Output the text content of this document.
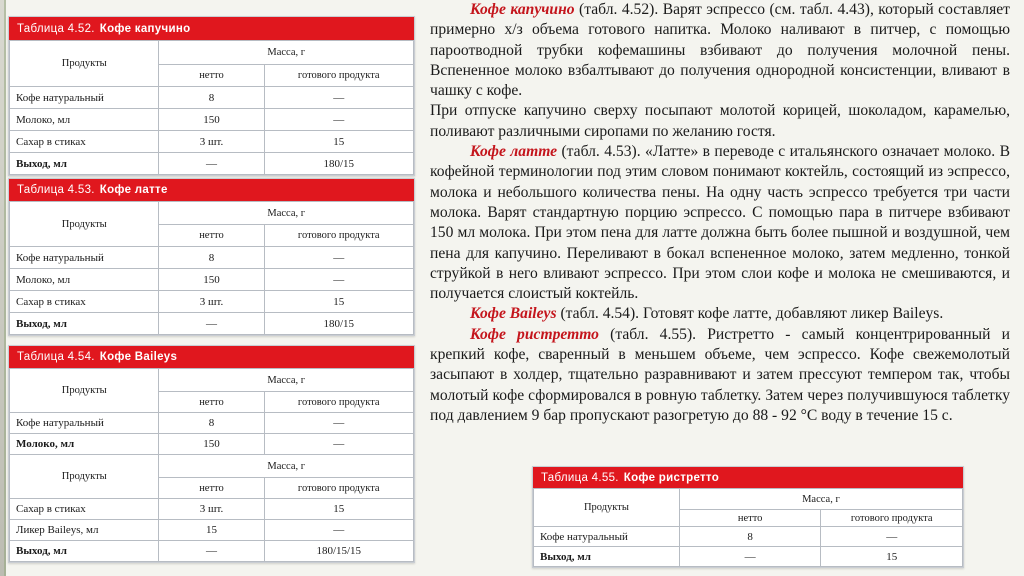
Таблица 4.52. Кофе капучино
Продукты	Масса, г	
	нетто	готового продукта
Кофе натуральный	8	—
Молоко, мл	150	—
Сахар в стиках	3 шт.	15
Выход, мл	—	180/15
Таблица 4.53. Кофе латте
Продукты	Масса, г	
	нетто	готового продукта
Кофе натуральный	8	—
Молоко, мл	150	—
Сахар в стиках	3 шт.	15
Выход, мл	—	180/15
Таблица 4.54. Кофе Baileys
Продукты	Масса, г	
	нетто	готового продукта
Кофе натуральный	8	—
Молоко, мл	150	—
Продукты	Масса, г	
	нетто	готового продукта
Сахар в стиках	3 шт.	15
Ликер Baileys, мл	15	—
Выход, мл	—	180/15/15

Кофе капучино (табл. 4.52). Варят эспрессо (см. табл. 4.43), который составляет примерно х/з объема готового напитка. Молоко наливают в питчер, с помощью пароотводной трубки кофемашины взбивают до получения молочной пены. Вспененное молоко взбалтывают до получения однородной консистенции, вливают в чашку с кофе.

При отпуске капучино сверху посыпают молотой корицей, шоколадом, карамелью, поливают различными сиропами по желанию гостя.

Кофе латте (табл. 4.53). «Латте» в переводе с итальянского означает молоко. В кофейной терминологии под этим словом понимают коктейль, состоящий из эспрессо, молока и небольшого количества пены. На одну часть эспрессо требуется три части молока. Варят стандартную порцию эспрессо. С помощью пара в питчере взбивают 150 мл молока. При этом пена для латте должна быть более пышной и воздушной, чем пена для капучино. Переливают в бокал вспененное молоко, затем медленно, тонкой струйкой в него вливают эспрессо. При этом слои кофе и молока не смешиваются, и получается слоистый коктейль.

Кофе Baileys (табл. 4.54). Готовят кофе латте, добавляют ликер Baileys.

Кофе ристретто (табл. 4.55). Ристретто - самый концентрированный и крепкий кофе, сваренный в меньшем объеме, чем эспрессо. Кофе свежемолотый засыпают в холдер, тщательно разравнивают и затем прессуют темпером так, чтобы молотый кофе сформировался в ровную таблетку. Затем через получившуюся таблетку под давлением 9 бар пропускают разогретую до 88 - 92 °С воду в течение 15 с.

Таблица 4.55. Кофе ристретто
Продукты	Масса, г	
	нетто	готового продукта
Кофе натуральный	8	—
Выход, мл	—	15
